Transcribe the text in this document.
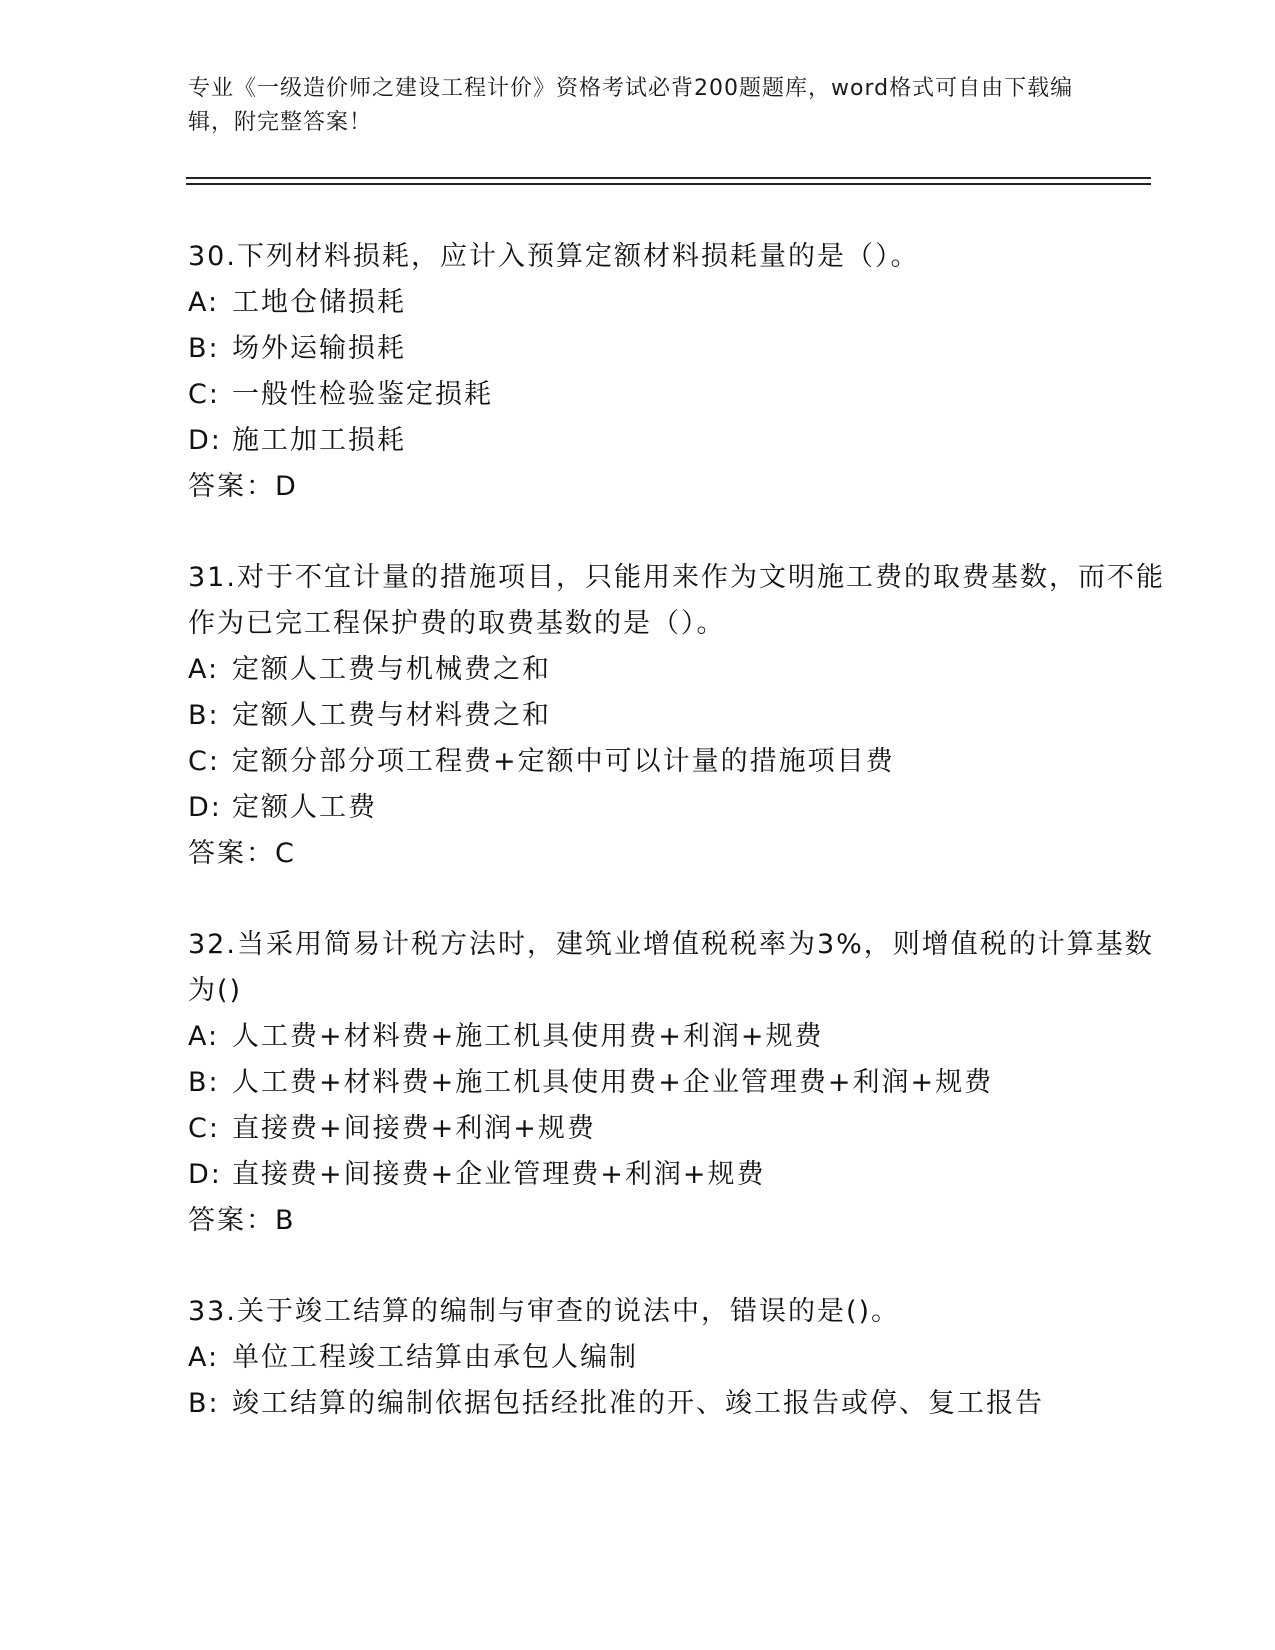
专业《一级造价师之建设工程计价》资格考试必背200题题库，word格式可自由下载编辑，附完整答案！

30.下列材料损耗，应计入预算定额材料损耗量的是（）。

A: 工地仓储损耗

B: 场外运输损耗

C: 一般性检验鉴定损耗

D: 施工加工损耗

答案：D

31.对于不宜计量的措施项目，只能用来作为文明施工费的取费基数，而不能作为已完工程保护费的取费基数的是（）。

A: 定额人工费与机械费之和

B: 定额人工费与材料费之和

C: 定额分部分项工程费+定额中可以计量的措施项目费

D: 定额人工费

答案：C

32.当采用简易计税方法时，建筑业增值税税率为3%，则增值税的计算基数为()

A: 人工费+材料费+施工机具使用费+利润+规费

B: 人工费+材料费+施工机具使用费+企业管理费+利润+规费

C: 直接费+间接费+利润+规费

D: 直接费+间接费+企业管理费+利润+规费

答案：B

33.关于竣工结算的编制与审查的说法中，错误的是()。

A: 单位工程竣工结算由承包人编制

B: 竣工结算的编制依据包括经批准的开、竣工报告或停、复工报告
